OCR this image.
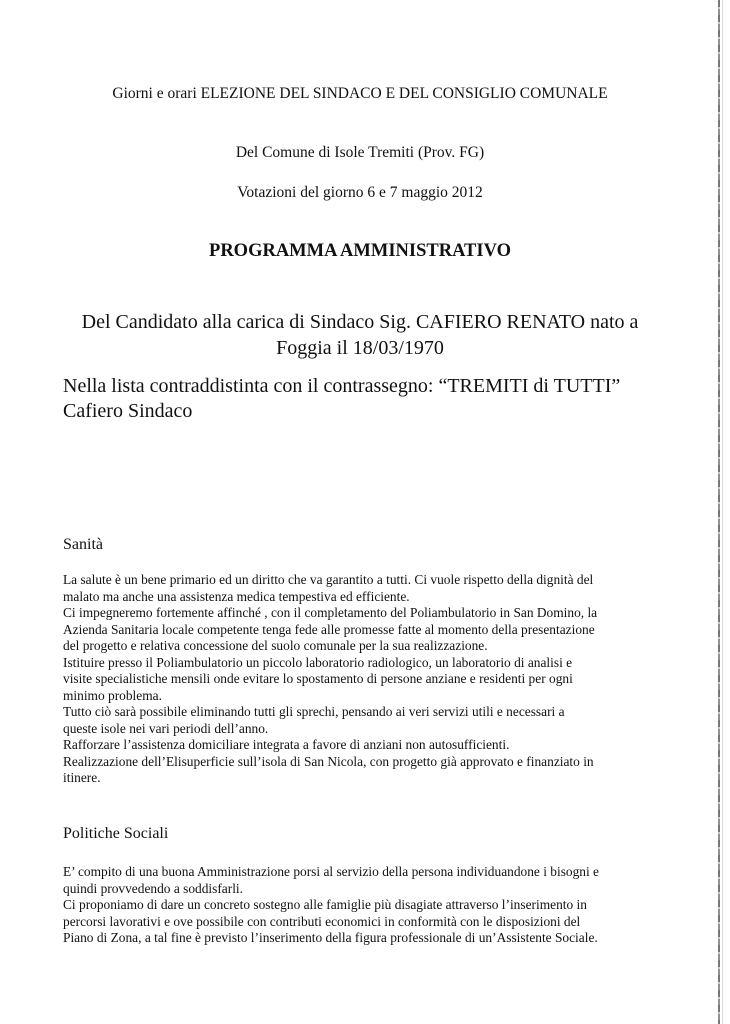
Giorni e orari ELEZIONE DEL SINDACO E DEL CONSIGLIO COMUNALE
Del Comune di Isole Tremiti (Prov. FG)
Votazioni del giorno 6 e 7 maggio 2012
PROGRAMMA AMMINISTRATIVO
Del Candidato alla carica di Sindaco Sig. CAFIERO RENATO nato a
Foggia il 18/03/1970
Nella lista contraddistinta con il contrassegno: “TREMITI di TUTTI”
Cafiero Sindaco
Sanità
La salute è un bene primario ed un diritto che va garantito a tutti. Ci vuole rispetto della dignità del
malato ma anche una assistenza medica tempestiva ed efficiente.
Ci impegneremo fortemente affinché , con il completamento del Poliambulatorio in San Domino, la
Azienda Sanitaria locale competente tenga fede alle promesse fatte al momento della presentazione
del progetto e relativa concessione del suolo comunale per la sua realizzazione.
Istituire presso il Poliambulatorio un piccolo laboratorio radiologico, un laboratorio di analisi e
visite specialistiche mensili onde evitare lo spostamento di persone anziane e residenti per ogni
minimo problema.
Tutto ciò sarà possibile eliminando tutti gli sprechi, pensando ai veri servizi utili e necessari a
queste isole nei vari periodi dell’anno.
Rafforzare l’assistenza domiciliare integrata a favore di anziani non autosufficienti.
Realizzazione dell’Elisuperficie sull’isola di San Nicola, con progetto già approvato e finanziato in
itinere.
Politiche Sociali
E’ compito di una buona Amministrazione porsi al servizio della persona individuandone i bisogni e
quindi provvedendo a soddisfarli.
Ci proponiamo di dare un concreto sostegno alle famiglie più disagiate attraverso l’inserimento in
percorsi lavorativi e ove possibile con contributi economici in conformità con le disposizioni del
Piano di Zona, a tal fine è previsto l’inserimento della figura professionale di un’Assistente Sociale.
